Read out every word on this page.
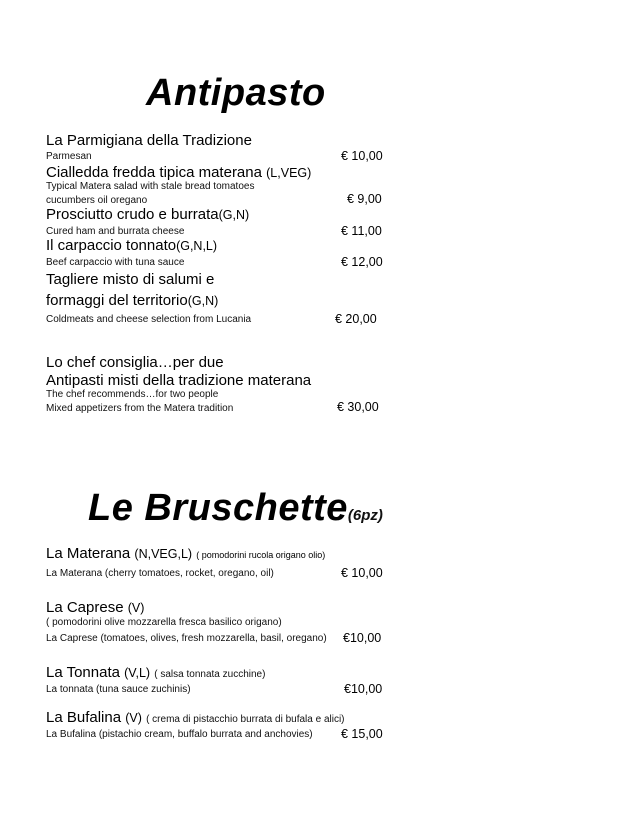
Antipasto
La Parmigiana della Tradizione
Parmesan	€ 10,00
Cialledda fredda tipica materana (L,VEG)
Typical Matera salad with stale bread tomatoes
cucumbers oil oregano	€ 9,00
Prosciutto crudo e burrata(G,N)
Cured ham and burrata cheese	€ 11,00
Il carpaccio tonnato(G,N,L)
Beef carpaccio with tuna sauce	€ 12,00
Tagliere misto di salumi e
formaggi del territorio(G,N)
Coldmeats and cheese selection from Lucania	€ 20,00
Lo chef consiglia…per due
Antipasti misti della tradizione materana
The chef recommends…for two people
Mixed appetizers from the Matera tradition	€ 30,00
Le Bruschette(6pz)
La Materana (N,VEG,L) ( pomodorini rucola origano olio)
La Materana (cherry tomatoes, rocket, oregano, oil)	€ 10,00
La Caprese (V)
( pomodorini olive mozzarella fresca basilico origano)
La Caprese (tomatoes, olives, fresh mozzarella, basil, oregano) €10,00
La Tonnata (V,L) ( salsa tonnata zucchine)
La tonnata (tuna sauce zuchinis)	€10,00
La Bufalina (V) ( crema di pistacchio burrata di bufala e alici)
La Bufalina (pistachio cream, buffalo burrata and anchovies) € 15,00
